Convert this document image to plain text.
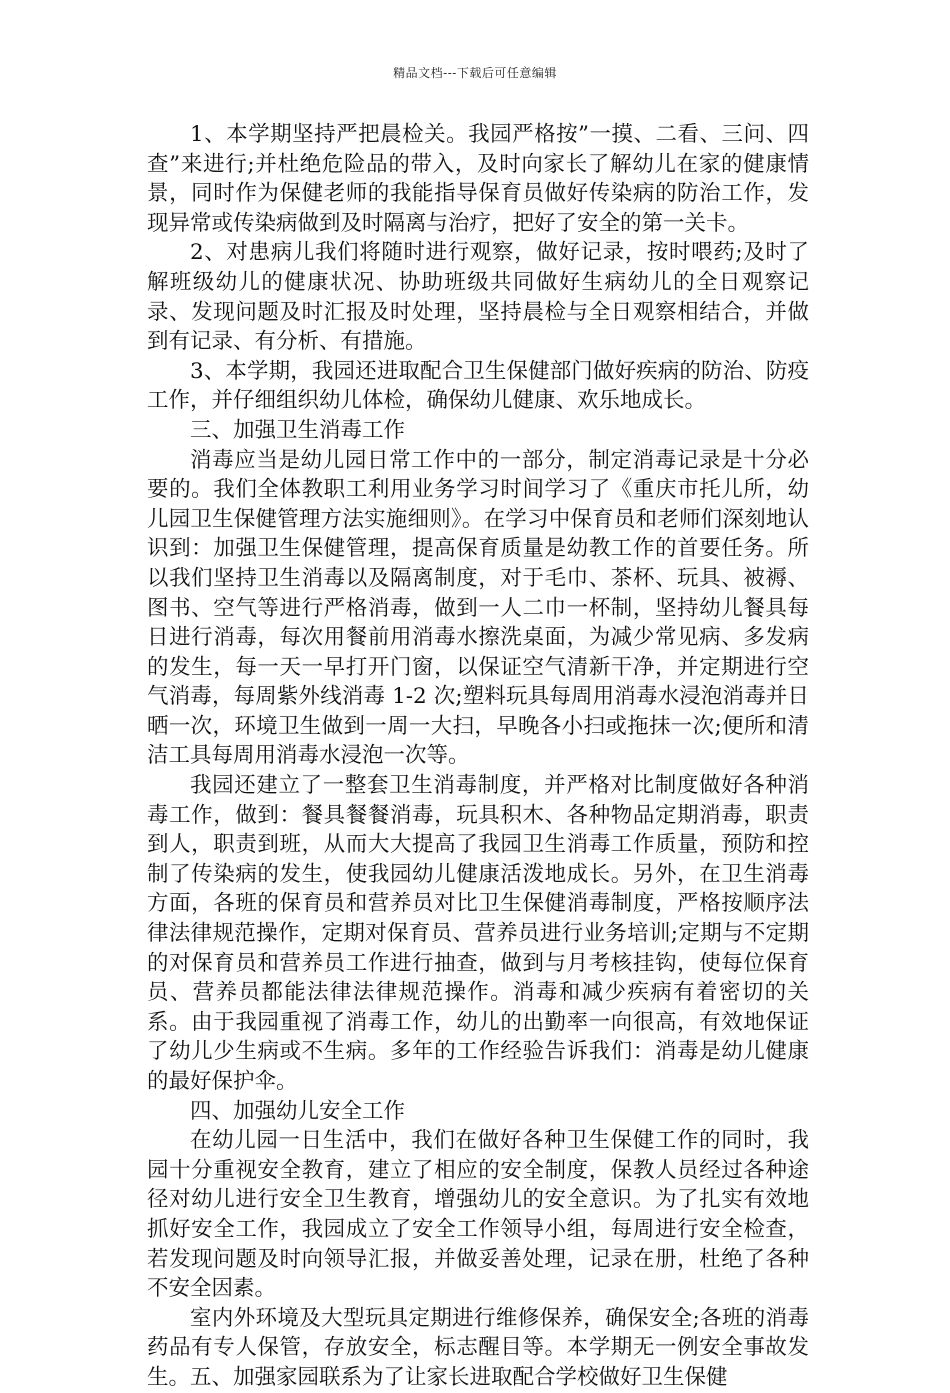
精品文档---下载后可任意编辑

1、本学期坚持严把晨检关。我园严格按”一摸、二看、三问、四查”来进行;并杜绝危险品的带入，及时向家长了解幼儿在家的健康情景，同时作为保健老师的我能指导保育员做好传染病的防治工作，发现异常或传染病做到及时隔离与治疗，把好了安全的第一关卡。

2、对患病儿我们将随时进行观察，做好记录，按时喂药;及时了解班级幼儿的健康状况、协助班级共同做好生病幼儿的全日观察记录、发现问题及时汇报及时处理，坚持晨检与全日观察相结合，并做到有记录、有分析、有措施。

3、本学期，我园还进取配合卫生保健部门做好疾病的防治、防疫工作，并仔细组织幼儿体检，确保幼儿健康、欢乐地成长。

三、加强卫生消毒工作

消毒应当是幼儿园日常工作中的一部分，制定消毒记录是十分必要的。我们全体教职工利用业务学习时间学习了《重庆市托儿所，幼儿园卫生保健管理方法实施细则》。在学习中保育员和老师们深刻地认识到：加强卫生保健管理，提高保育质量是幼教工作的首要任务。所以我们坚持卫生消毒以及隔离制度，对于毛巾、茶杯、玩具、被褥、图书、空气等进行严格消毒，做到一人二巾一杯制，坚持幼儿餐具每日进行消毒，每次用餐前用消毒水擦洗桌面，为减少常见病、多发病的发生，每一天一早打开门窗，以保证空气清新干净，并定期进行空气消毒，每周紫外线消毒 1-2 次;塑料玩具每周用消毒水浸泡消毒并日晒一次，环境卫生做到一周一大扫，早晚各小扫或拖抹一次;便所和清洁工具每周用消毒水浸泡一次等。

我园还建立了一整套卫生消毒制度，并严格对比制度做好各种消毒工作，做到：餐具餐餐消毒，玩具积木、各种物品定期消毒，职责到人，职责到班，从而大大提高了我园卫生消毒工作质量，预防和控制了传染病的发生，使我园幼儿健康活泼地成长。另外，在卫生消毒方面，各班的保育员和营养员对比卫生保健消毒制度，严格按顺序法律法律规范操作，定期对保育员、营养员进行业务培训;定期与不定期的对保育员和营养员工作进行抽查，做到与月考核挂钩，使每位保育员、营养员都能法律法律规范操作。消毒和减少疾病有着密切的关系。由于我园重视了消毒工作，幼儿的出勤率一向很高，有效地保证了幼儿少生病或不生病。多年的工作经验告诉我们：消毒是幼儿健康的最好保护伞。

四、加强幼儿安全工作

在幼儿园一日生活中，我们在做好各种卫生保健工作的同时，我园十分重视安全教育，建立了相应的安全制度，保教人员经过各种途径对幼儿进行安全卫生教育，增强幼儿的安全意识。为了扎实有效地抓好安全工作，我园成立了安全工作领导小组，每周进行安全检查，若发现问题及时向领导汇报，并做妥善处理，记录在册，杜绝了各种不安全因素。

室内外环境及大型玩具定期进行维修保养，确保安全;各班的消毒药品有专人保管，存放安全，标志醒目等。本学期无一例安全事故发生。五、加强家园联系为了让家长进取配合学校做好卫生保健
